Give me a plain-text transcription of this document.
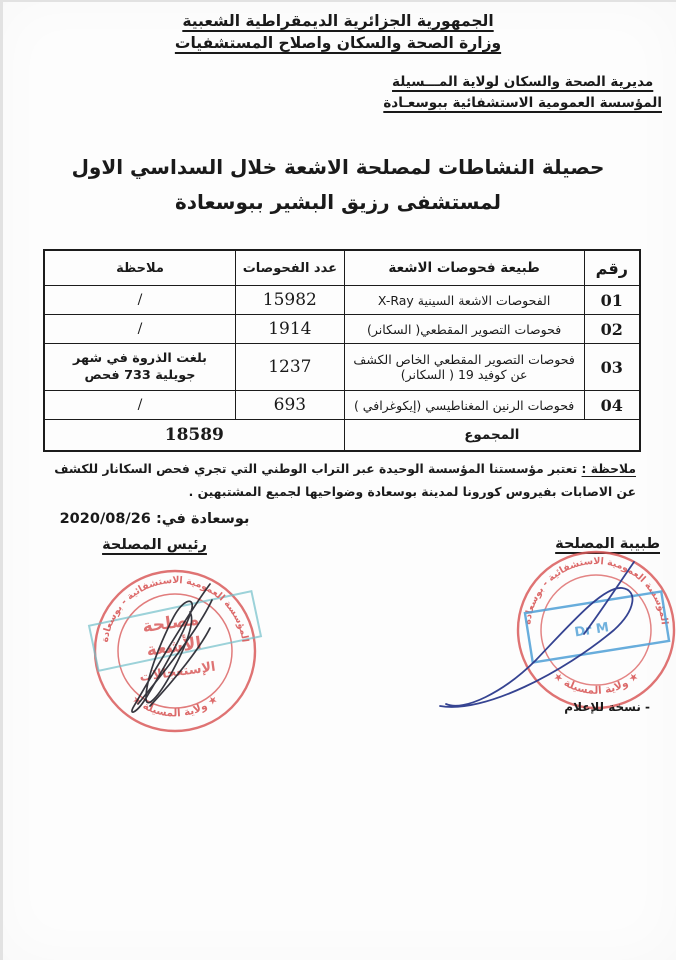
الجمهورية الجزائرية الديمقراطية الشعبية
وزارة الصحة والسكان واصلاح المستشفيات
مديرية الصحة والسكان لولاية المـــسيلة
المؤسسة العمومية الاستشفائية ببوسعـادة
حصيلة النشاطات لمصلحة الاشعة خلال السداسي الاول
لمستشفى رزيق البشير ببوسعادة
رقم	طبيعة فحوصات الاشعة	عدد الفحوصات	ملاحظة
01	الفحوصات الاشعة السينية X-Ray	15982	/
02	فحوصات التصوير المقطعي( السكانر)	1914	/
03	فحوصات التصوير المقطعي الخاص الكشف عن كوفيد 19 ( السكانر)	1237	بلغت الذروة في شهر جويلية 733 فحص
04	فحوصات الرنين المغناطيسي (إيكوغرافي )	693	/
المجموع		18589	

ملاحظة : تعتبر مؤسستنا المؤسسة الوحيدة عبر التراب الوطني التي تجري فحص السكانار للكشف عن الاصابات بفيروس كورونا لمدينة بوسعادة وضواحيها لجميع المشتبهين .

بوسعادة في: 2020/08/26
رئيس المصلحة	طبيبة المصلحة
المؤسسة العمومية الاستشفائية - بوسعادة
★ ولاية المسيلة ★
مصلحة
الأشعة
الإستعجالات
المؤسسة العمومية الاستشفائية - بوسعادة
★ ولاية المسيلة ★
Dr M
- نسخة للإعلام
